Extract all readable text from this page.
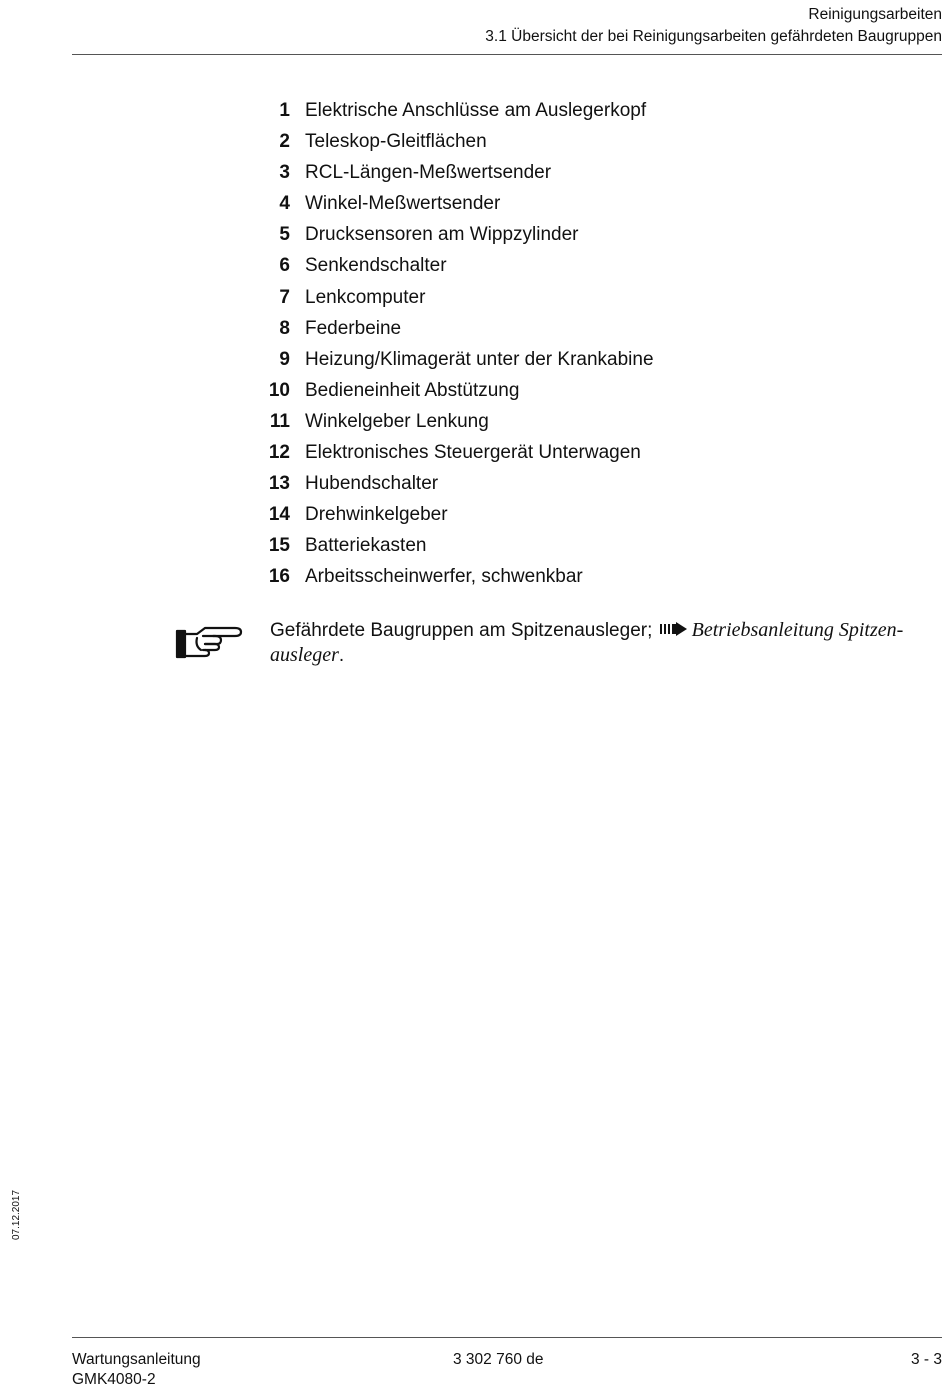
Reinigungsarbeiten
3.1 Übersicht der bei Reinigungsarbeiten gefährdeten Baugruppen
1 Elektrische Anschlüsse am Auslegerkopf
2 Teleskop-Gleitflächen
3 RCL-Längen-Meßwertsender
4 Winkel-Meßwertsender
5 Drucksensoren am Wippzylinder
6 Senkendschalter
7 Lenkcomputer
8 Federbeine
9 Heizung/Klimagerät unter der Krankabine
10 Bedieneinheit Abstützung
11 Winkelgeber Lenkung
12 Elektronisches Steuergerät Unterwagen
13 Hubendschalter
14 Drehwinkelgeber
15 Batteriekasten
16 Arbeitsscheinwerfer, schwenkbar
Gefährdete Baugruppen am Spitzenausleger; Betriebsanleitung Spitzen-
ausleger.
07.12.2017
Wartungsanleitung
GMK4080-2
3 302 760 de	3 - 3
